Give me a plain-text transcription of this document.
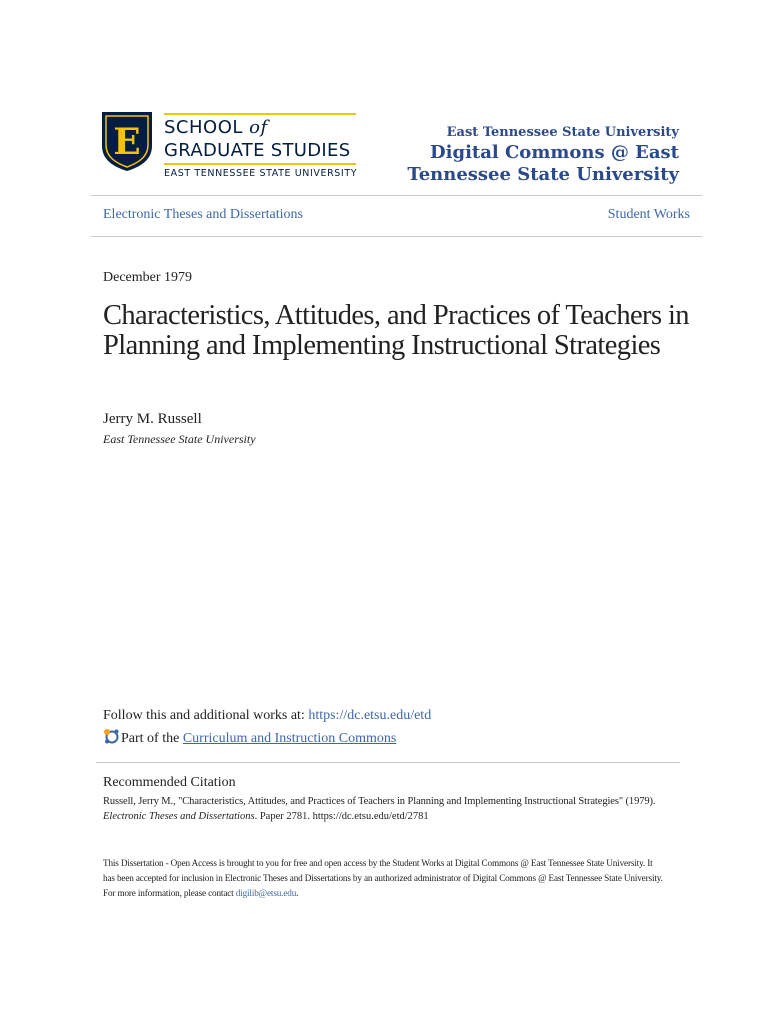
E SCHOOL of
GRADUATE STUDIES
EAST TENNESSEE STATE UNIVERSITY
East Tennessee State University
Digital Commons @ East Tennessee State University
Electronic Theses and Dissertations	Student Works
December 1979
Characteristics, Attitudes, and Practices of Teachers in Planning and Implementing Instructional Strategies
Jerry M. Russell
East Tennessee State University
Follow this and additional works at: https://dc.etsu.edu/etd
Part of the Curriculum and Instruction Commons
Recommended Citation
Russell, Jerry M., "Characteristics, Attitudes, and Practices of Teachers in Planning and Implementing Instructional Strategies" (1979).
Electronic Theses and Dissertations. Paper 2781. https://dc.etsu.edu/etd/2781
This Dissertation - Open Access is brought to you for free and open access by the Student Works at Digital Commons @ East Tennessee State University. It has been accepted for inclusion in Electronic Theses and Dissertations by an authorized administrator of Digital Commons @ East Tennessee State University. For more information, please contact digilib@etsu.edu.
